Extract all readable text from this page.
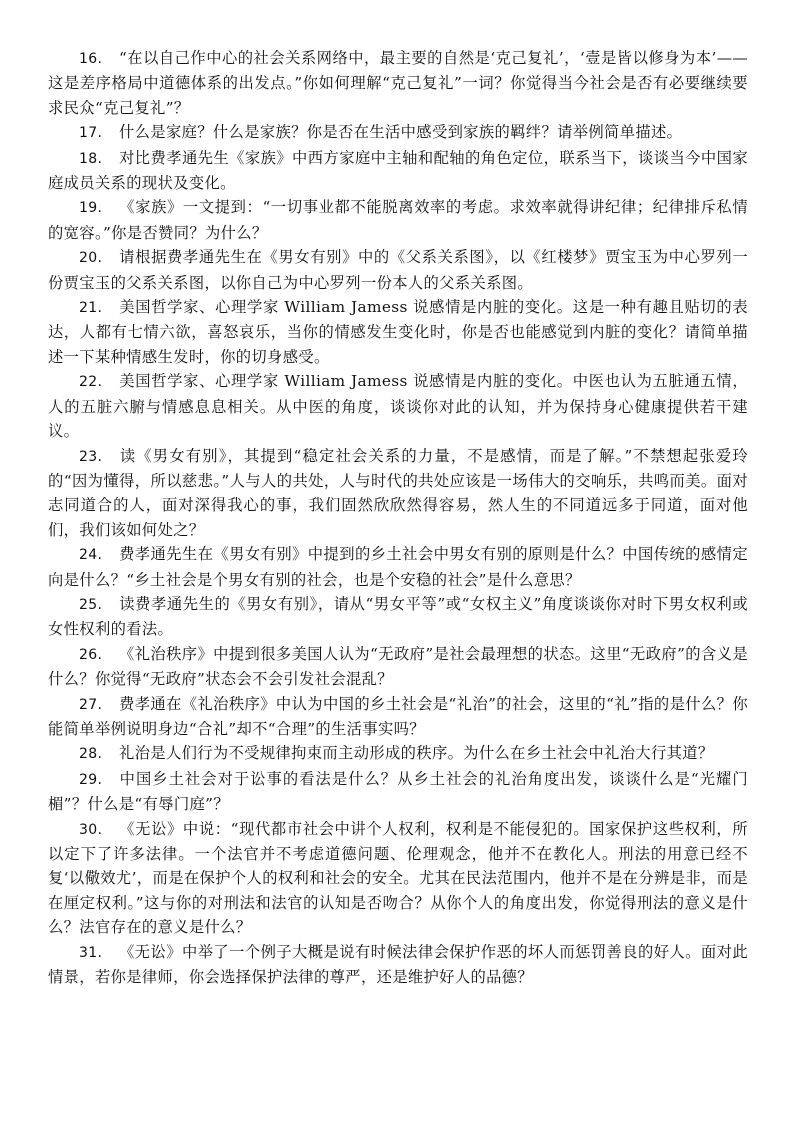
16. “在以自己作中心的社会关系网络中，最主要的自然是‘克己复礼’，‘壹是皆以修身为本’——这是差序格局中道德体系的出发点。”你如何理解“克己复礼”一词？你觉得当今社会是否有必要继续要求民众“克己复礼”？

17. 什么是家庭？什么是家族？你是否在生活中感受到家族的羁绊？请举例简单描述。

18. 对比费孝通先生《家族》中西方家庭中主轴和配轴的角色定位，联系当下，谈谈当今中国家庭成员关系的现状及变化。

19. 《家族》一文提到：“一切事业都不能脱离效率的考虑。求效率就得讲纪律；纪律排斥私情的宽容。”你是否赞同？为什么？

20. 请根据费孝通先生在《男女有别》中的《父系关系图》，以《红楼梦》贾宝玉为中心罗列一份贾宝玉的父系关系图，以你自己为中心罗列一份本人的父系关系图。

21. 美国哲学家、心理学家 William Jamess 说感情是内脏的变化。这是一种有趣且贴切的表达，人都有七情六欲，喜怒哀乐，当你的情感发生变化时，你是否也能感觉到内脏的变化？请简单描述一下某种情感生发时，你的切身感受。

22. 美国哲学家、心理学家 William Jamess 说感情是内脏的变化。中医也认为五脏通五情，人的五脏六腑与情感息息相关。从中医的角度，谈谈你对此的认知，并为保持身心健康提供若干建议。

23. 读《男女有别》，其提到“稳定社会关系的力量，不是感情，而是了解。”不禁想起张爱玲的“因为懂得，所以慈悲。”人与人的共处，人与时代的共处应该是一场伟大的交响乐，共鸣而美。面对志同道合的人，面对深得我心的事，我们固然欣欣然得容易，然人生的不同道远多于同道，面对他们，我们该如何处之？

24. 费孝通先生在《男女有别》中提到的乡土社会中男女有别的原则是什么？中国传统的感情定向是什么？“乡土社会是个男女有别的社会，也是个安稳的社会”是什么意思？

25. 读费孝通先生的《男女有别》，请从“男女平等”或“女权主义”角度谈谈你对时下男女权利或女性权利的看法。

26. 《礼治秩序》中提到很多美国人认为“无政府”是社会最理想的状态。这里“无政府”的含义是什么？你觉得“无政府”状态会不会引发社会混乱？

27. 费孝通在《礼治秩序》中认为中国的乡土社会是“礼治”的社会，这里的“礼”指的是什么？你能简单举例说明身边“合礼”却不“合理”的生活事实吗？

28. 礼治是人们行为不受规律拘束而主动形成的秩序。为什么在乡土社会中礼治大行其道？

29. 中国乡土社会对于讼事的看法是什么？从乡土社会的礼治角度出发，谈谈什么是“光耀门楣”？什么是“有辱门庭”？

30. 《无讼》中说：“现代都市社会中讲个人权利，权利是不能侵犯的。国家保护这些权利，所以定下了许多法律。一个法官并不考虑道德问题、伦理观念，他并不在教化人。刑法的用意已经不复‘以儆效尤’，而是在保护个人的权利和社会的安全。尤其在民法范围内，他并不是在分辨是非，而是在厘定权利。”这与你的对刑法和法官的认知是否吻合？从你个人的角度出发，你觉得刑法的意义是什么？法官存在的意义是什么？

31. 《无讼》中举了一个例子大概是说有时候法律会保护作恶的坏人而惩罚善良的好人。面对此情景，若你是律师，你会选择保护法律的尊严，还是维护好人的品德？
